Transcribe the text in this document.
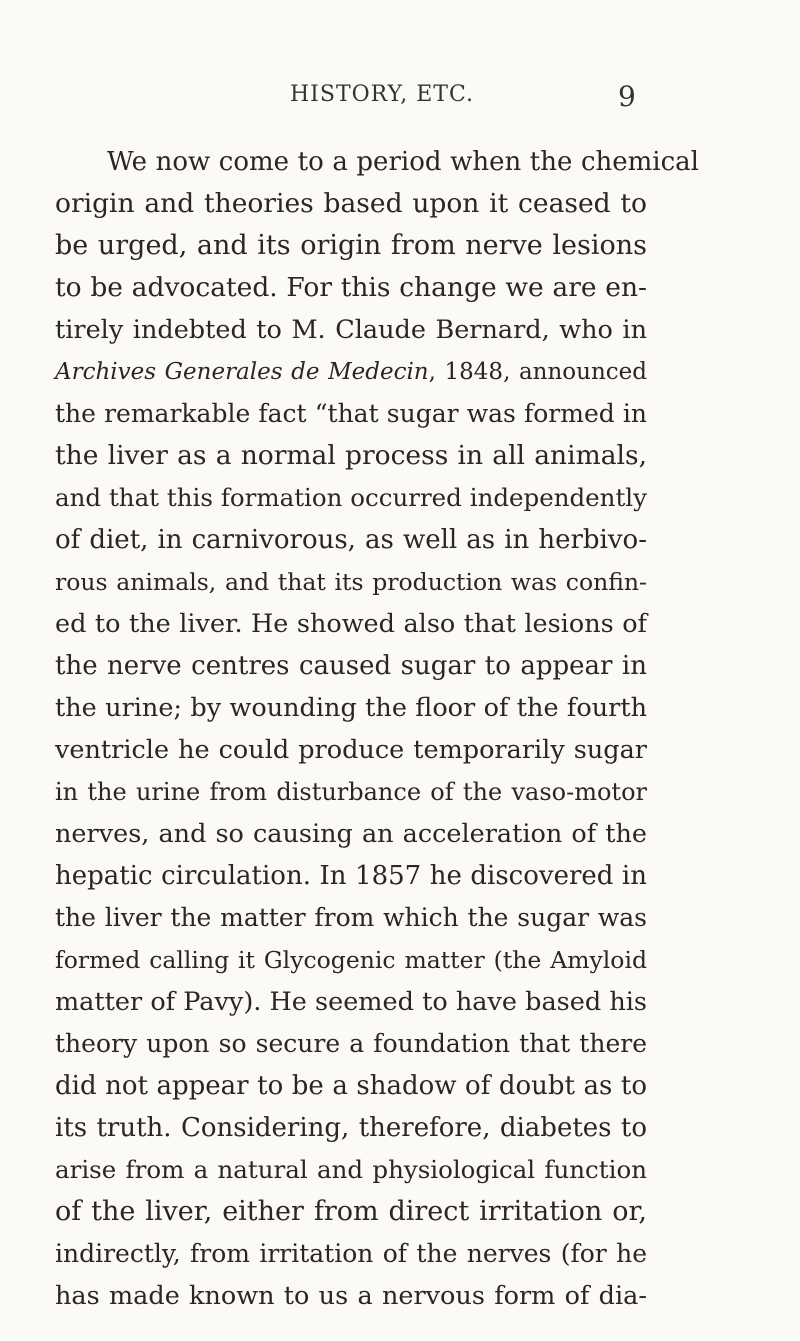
HISTORY, ETC.	9
We now come to a period when the chemical
origin and theories based upon it ceased to
be urged, and its origin from nerve lesions
to be advocated. For this change we are en-
tirely indebted to M. Claude Bernard, who in
Archives Generales de Medecin, 1848, announced
the remarkable fact “that sugar was formed in
the liver as a normal process in all animals,
and that this formation occurred independently
of diet, in carnivorous, as well as in herbivo-
rous animals, and that its production was confin-
ed to the liver. He showed also that lesions of
the nerve centres caused sugar to appear in
the urine; by wounding the floor of the fourth
ventricle he could produce temporarily sugar
in the urine from disturbance of the vaso-motor
nerves, and so causing an acceleration of the
hepatic circulation. In 1857 he discovered in
the liver the matter from which the sugar was
formed calling it Glycogenic matter (the Amyloid
matter of Pavy). He seemed to have based his
theory upon so secure a foundation that there
did not appear to be a shadow of doubt as to
its truth. Considering, therefore, diabetes to
arise from a natural and physiological function
of the liver, either from direct irritation or,
indirectly, from irritation of the nerves (for he
has made known to us a nervous form of dia-
